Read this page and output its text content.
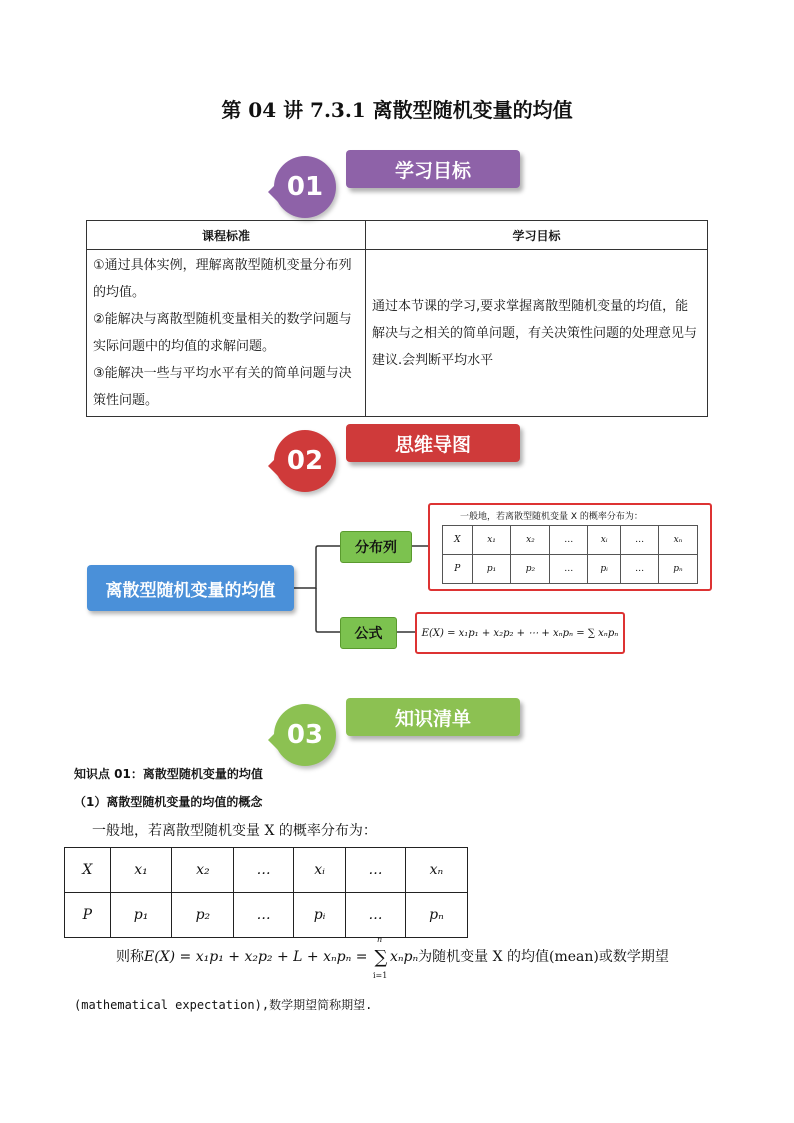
第 04 讲 7.3.1 离散型随机变量的均值
01
学习目标
课程标准	学习目标

①通过具体实例，理解离散型随机变量分布列的均值。
②能解决与离散型随机变量相关的数学问题与实际问题中的均值的求解问题。
③能解决一些与平均水平有关的简单问题与决策性问题。	通过本节课的学习,要求掌握离散型随机变量的均值，能解决与之相关的简单问题，有关决策性问题的处理意见与建议.会判断平均水平
02
思维导图
离散型随机变量的均值
分布列
公式
一般地，若离散型随机变量 X 的概率分布为：
X	x₁	x₂	…	xᵢ	…	xₙ
P	p₁	p₂	…	pᵢ	…	pₙ
E(X) = x₁p₁ + x₂p₂ + ⋯ + xₙpₙ = ∑ xₙpₙ
03
知识清单
知识点 01：离散型随机变量的均值
（1）离散型随机变量的均值的概念
一般地，若离散型随机变量 X 的概率分布为：
X	x₁	x₂	…	xᵢ	…	xₙ
P	p₁	p₂	…	pᵢ	…	pₙ
则称E(X) = x₁p₁ + x₂p₂ + L + xₙpₙ = ∑
n
i=1
xₙpₙ为随机变量 X 的均值(mean)或数学期望
(mathematical expectation),数学期望简称期望.
